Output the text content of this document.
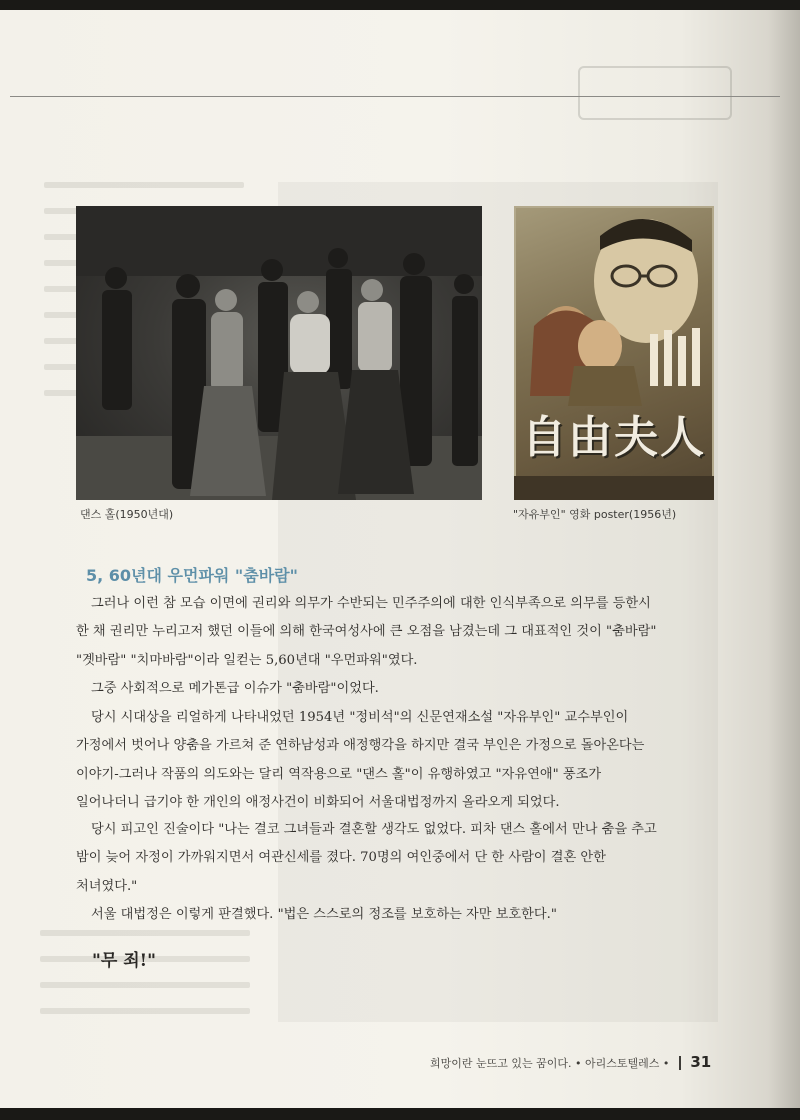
댄스 홀(1950년대)
自由夫人
"자유부인" 영화 poster(1956년)
5, 60년대 우먼파워 "춤바람"

그러나 이런 참 모습 이면에 권리와 의무가 수반되는 민주주의에 대한 인식부족으로 의무를 등한시 한 채 권리만 누리고저 했던 이들에 의해 한국여성사에 큰 오점을 남겼는데 그 대표적인 것이 "춤바람" "곗바람" "치마바람"이라 일컫는 5,60년대 "우먼파워"였다.

그중 사회적으로 메가톤급 이슈가 "춤바람"이었다.

당시 시대상을 리얼하게 나타내었던 1954년 "정비석"의 신문연재소설 "자유부인" 교수부인이 가정에서 벗어나 양춤을 가르쳐 준 연하남성과 애정행각을 하지만 결국 부인은 가정으로 돌아온다는 이야기-그러나 작품의 의도와는 달리 역작용으로 "댄스 홀"이 유행하였고 "자유연애" 풍조가 일어나더니 급기야 한 개인의 애정사건이 비화되어 서울대법정까지 올라오게 되었다.

당시 피고인 진술이다 "나는 결코 그녀들과 결혼할 생각도 없었다. 피차 댄스 홀에서 만나 춤을 추고 밤이 늦어 자정이 가까워지면서 여관신세를 졌다. 70명의 여인중에서 단 한 사람이 결혼 안한 처녀였다."

서울 대법정은 이렇게 판결했다. "법은 스스로의 정조를 보호하는 자만 보호한다."

"무 죄!"
희망이란 눈뜨고 있는 꿈이다. • 아리스토텔레스 • 31
